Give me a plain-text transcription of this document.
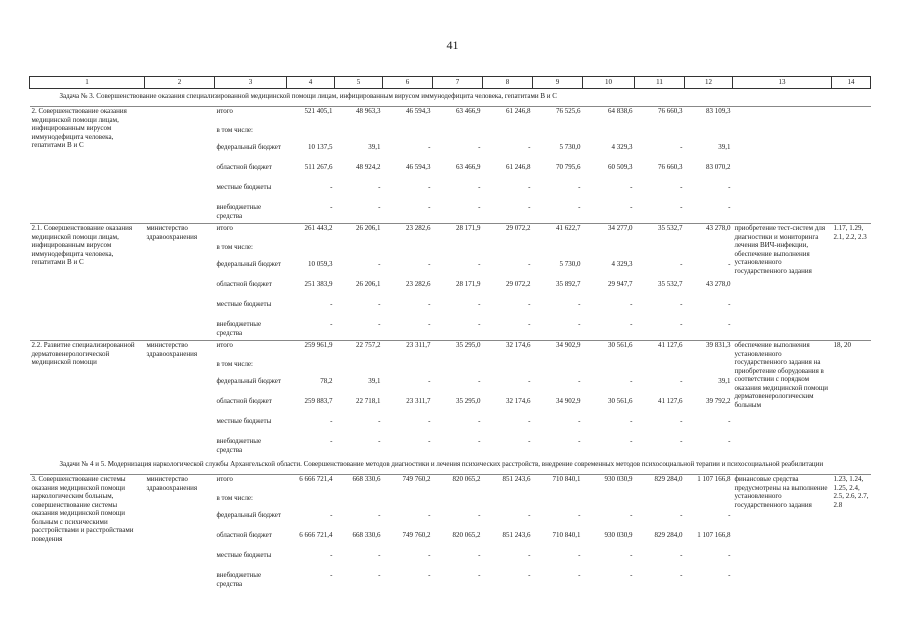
41
1	2	3	4	5	6	7	8	9	10	11	12	13	14
Задача № 3. Совершенствование оказания специализированной медицинской помощи лицам, инфицированным вирусом иммунодефицита человека, гепатитами В и С													
2. Совершенствование оказания медицинской помощи лицам, инфицированным вирусом иммунодефицита человека, гепатитами В и С		итого	521 405,1	48 963,3	46 594,3	63 466,9	61 246,8	76 525,6	64 838,6	76 660,3	83 109,3		
		в том числе:											
		федеральный бюджет	10 137,5	39,1	-	-	-	5 730,0	4 329,3	-	39,1		
		областной бюджет	511 267,6	48 924,2	46 594,3	63 466,9	61 246,8	70 795,6	60 509,3	76 660,3	83 070,2		
		местные бюджеты	-	-	-	-	-	-	-	-	-		
		внебюджетные средства	-	-	-	-	-	-	-	-	-		
2.1. Совершенствование оказания медицинской помощи лицам, инфицированным вирусом иммунодефицита человека, гепатитами В и С	министерство здравоохранения	итого	261 443,2	26 206,1	23 282,6	28 171,9	29 072,2	41 622,7	34 277,0	35 532,7	43 278,0	приобретение тест-систем для диагностики и мониторинга лечения ВИЧ-инфекции, обеспечение выполнения установленного государственного задания	1.17, 1.29, 2.1, 2.2, 2.3
		в том числе:											
		федеральный бюджет	10 059,3	-	-	-	-	5 730,0	4 329,3	-	-		
		областной бюджет	251 383,9	26 206,1	23 282,6	28 171,9	29 072,2	35 892,7	29 947,7	35 532,7	43 278,0		
		местные бюджеты	-	-	-	-	-	-	-	-	-		
		внебюджетные средства	-	-	-	-	-	-	-	-	-		
2.2. Развитие специализированной дерматовенерологической медицинской помощи	министерство здравоохранения	итого	259 961,9	22 757,2	23 311,7	35 295,0	32 174,6	34 902,9	30 561,6	41 127,6	39 831,3	обеспечение выполнения установленного государственного задания на приобретение оборудования в соответствии с порядком оказания медицинской помощи дерматовенерологическим больным	18, 20
		в том числе:											
		федеральный бюджет	78,2	39,1	-	-	-	-	-	-	39,1		
		областной бюджет	259 883,7	22 718,1	23 311,7	35 295,0	32 174,6	34 902,9	30 561,6	41 127,6	39 792,2		
		местные бюджеты	-	-	-	-	-	-	-	-	-		
		внебюджетные средства	-	-	-	-	-	-	-	-	-		
Задачи № 4 и 5. Модернизация наркологической службы Архангельской области. Совершенствование методов диагностики и лечения психических расстройств, внедрение современных методов психосоциальной терапии и психосоциальной реабилитации													
3. Совершенствование системы оказания медицинской помощи наркологическим больным, совершенствование системы оказания медицинской помощи больным с психическими расстройствами и расстройствами поведения	министерство здравоохранения	итого	6 666 721,4	668 330,6	749 760,2	820 065,2	851 243,6	710 840,1	930 030,9	829 284,0	1 107 166,8	финансовые средства предусмотрены на выполнение установленного государственного задания	1.23, 1.24, 1.25, 2.4, 2.5, 2.6, 2.7, 2.8
		в том числе:											
		федеральный бюджет	-	-	-	-	-	-	-	-	-		
		областной бюджет	6 666 721,4	668 330,6	749 760,2	820 065,2	851 243,6	710 840,1	930 030,9	829 284,0	1 107 166,8		
		местные бюджеты	-	-	-	-	-	-	-	-	-		
		внебюджетные средства	-	-	-	-	-	-	-	-	-		
